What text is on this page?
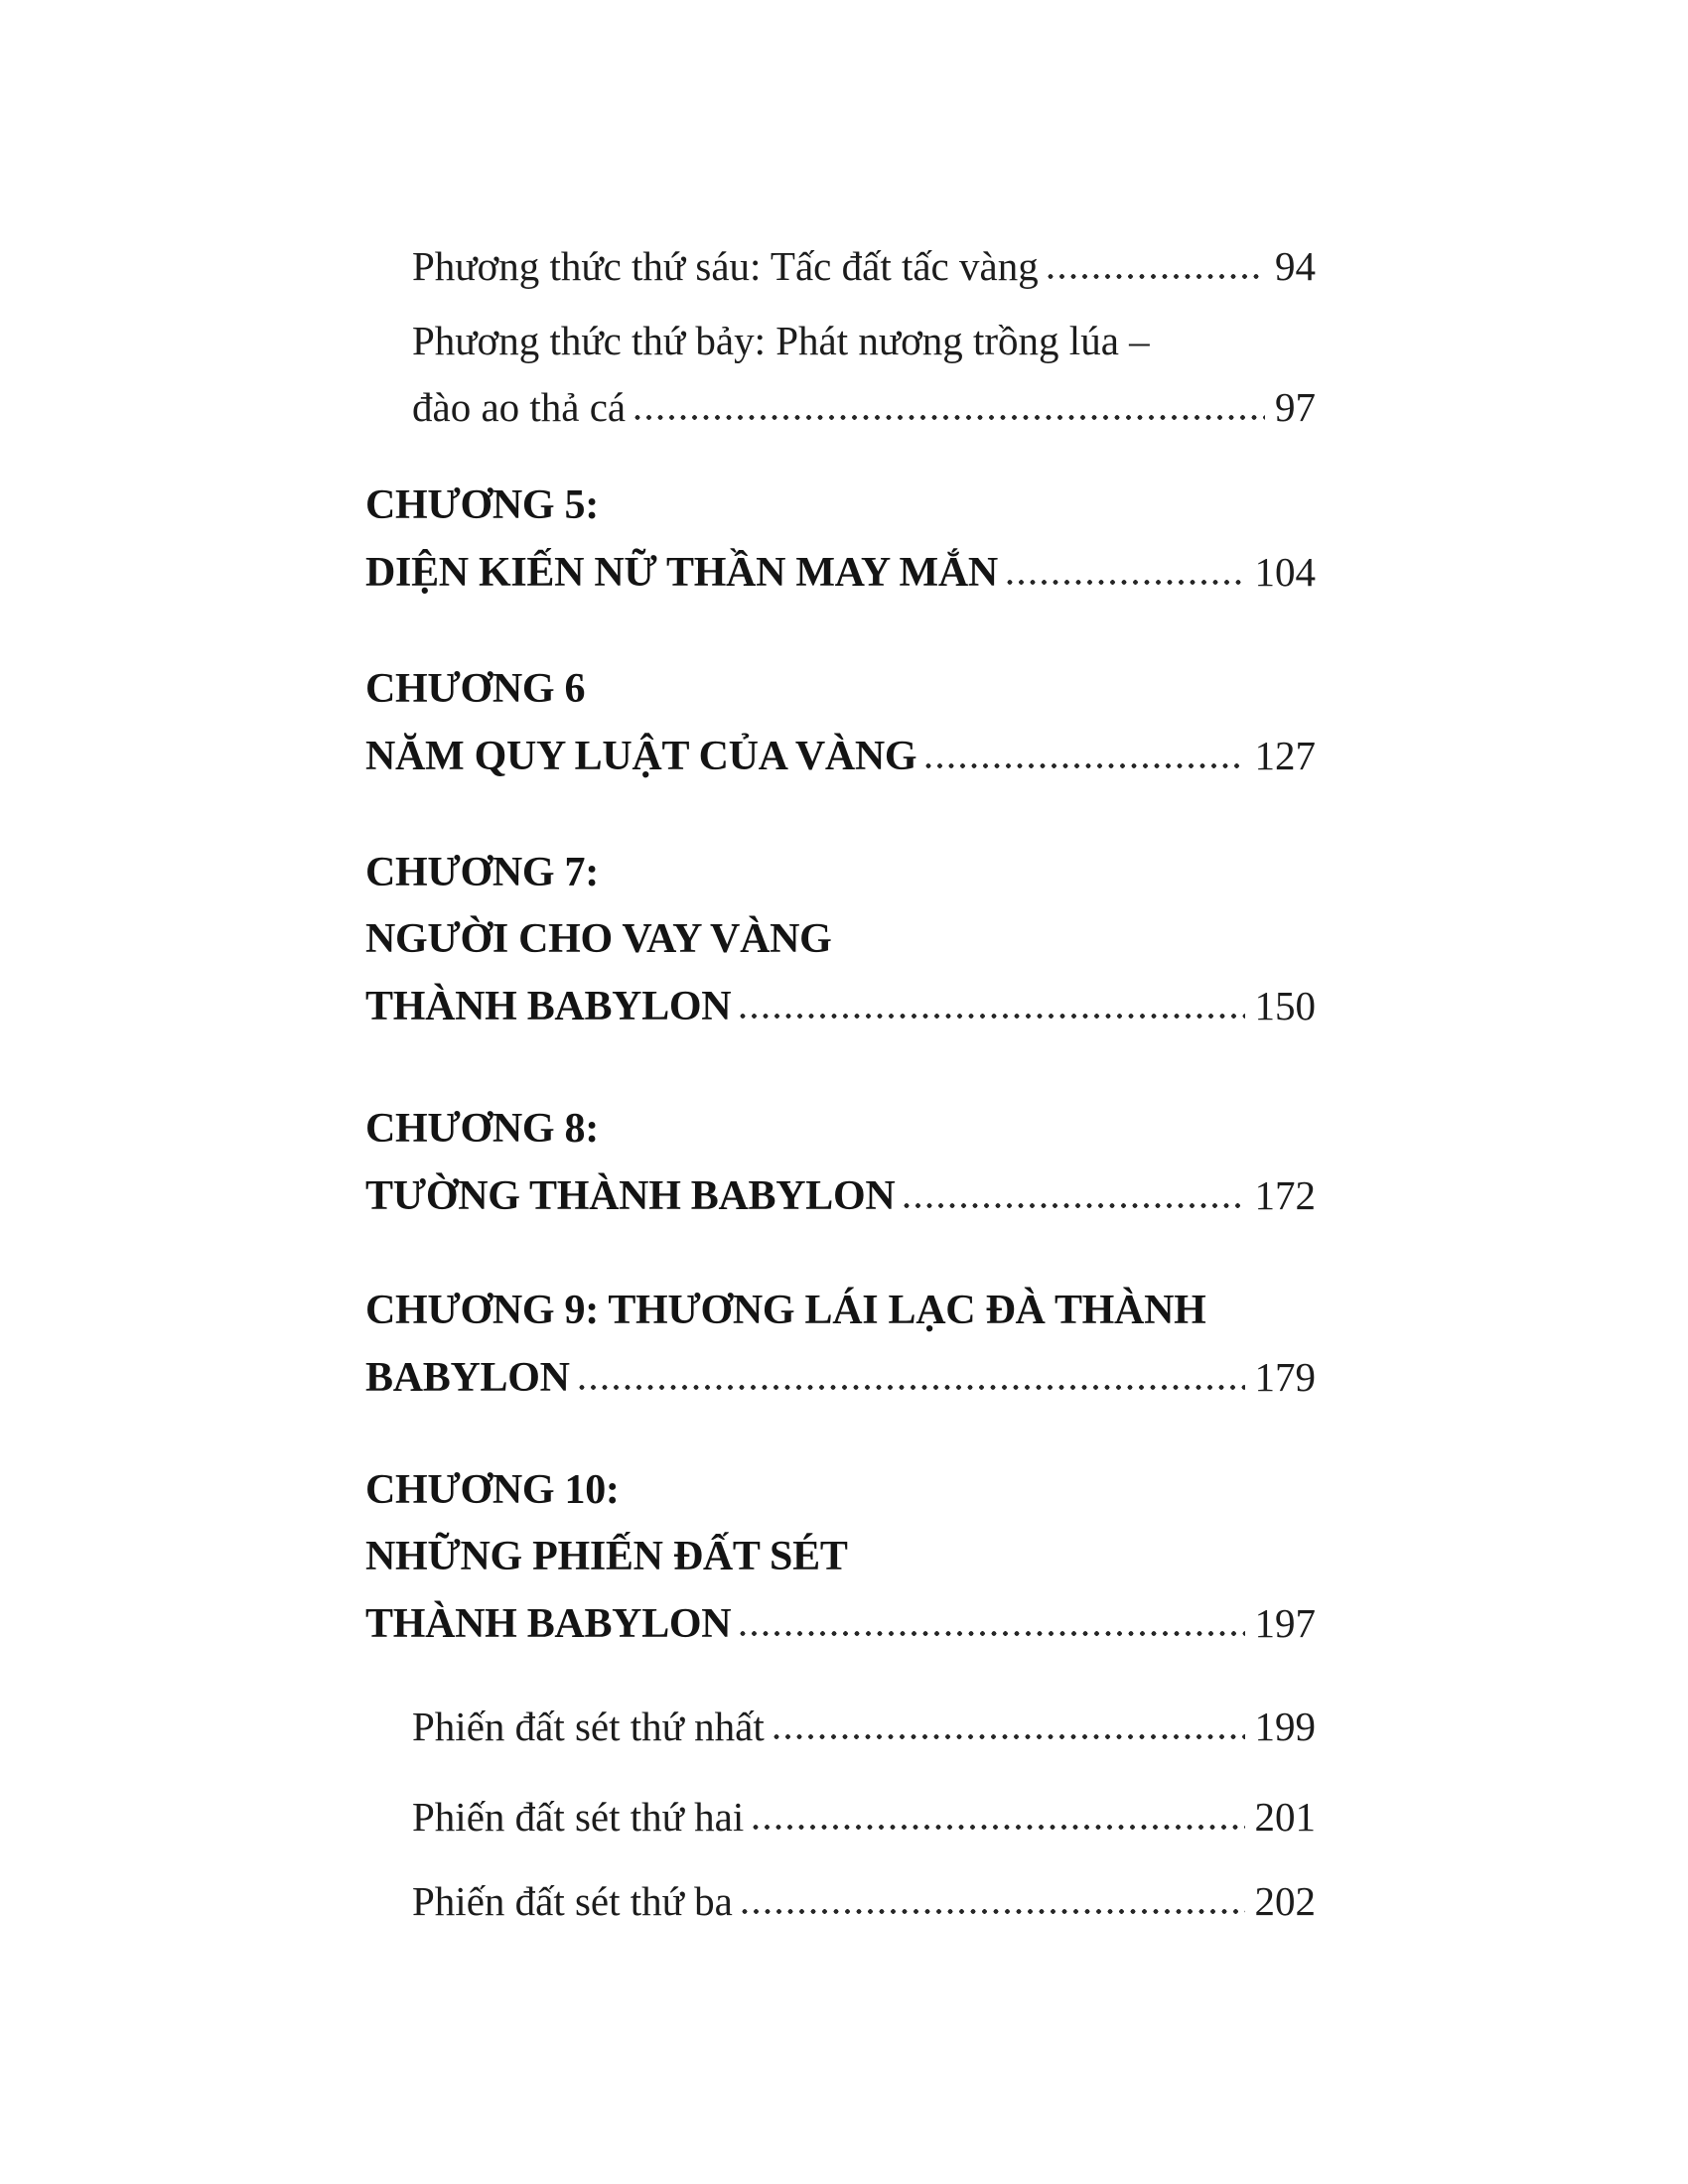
Phương thức thứ sáu: Tấc đất tấc vàng	94
Phương thức thứ bảy: Phát nương trồng lúa –
đào ao thả cá	97
CHƯƠNG 5:
DIỆN KIẾN NỮ THẦN MAY MẮN	104
CHƯƠNG 6
NĂM QUY LUẬT CỦA VÀNG	127
CHƯƠNG 7:
NGƯỜI CHO VAY VÀNG
THÀNH BABYLON	150
CHƯƠNG 8:
TƯỜNG THÀNH BABYLON	172
CHƯƠNG 9: THƯƠNG LÁI LẠC ĐÀ THÀNH
BABYLON	179
CHƯƠNG 10:
NHỮNG PHIẾN ĐẤT SÉT
THÀNH BABYLON	197
Phiến đất sét thứ nhất	199
Phiến đất sét thứ hai	201
Phiến đất sét thứ ba	202
